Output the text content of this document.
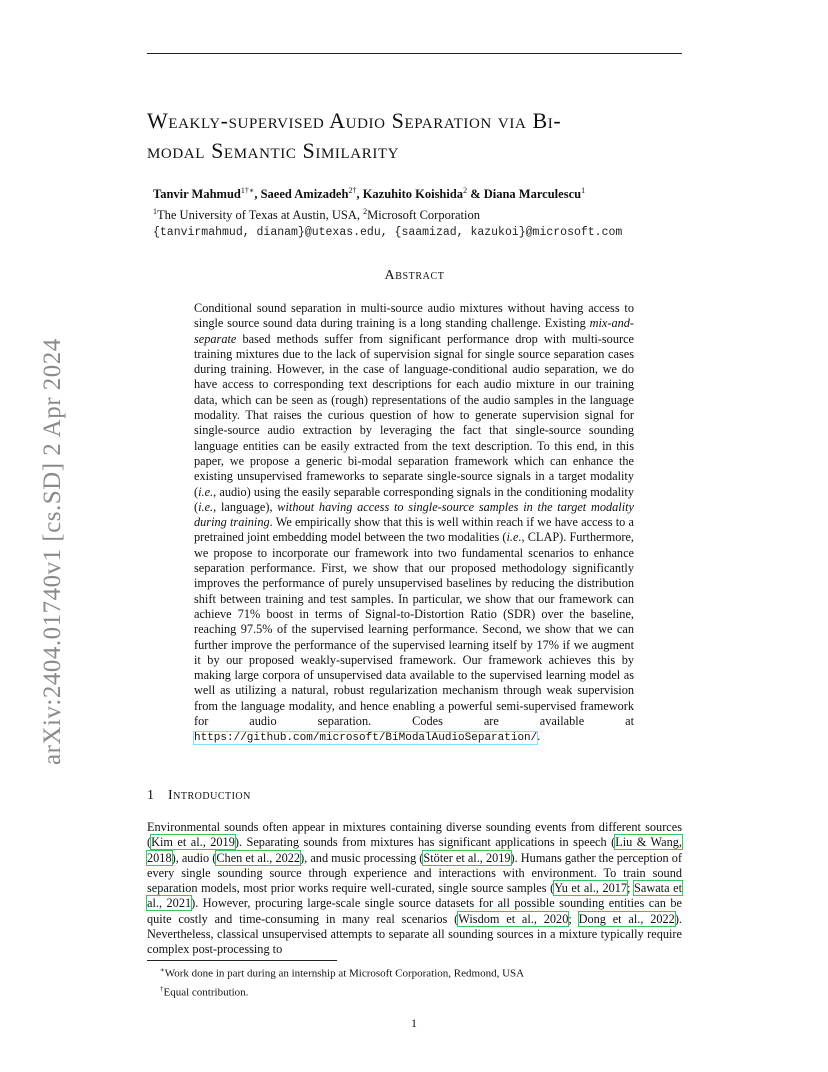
arXiv:2404.01740v1 [cs.SD] 2 Apr 2024
Weakly-supervised Audio Separation via Bi-
modal Semantic Similarity
Tanvir Mahmud$^{1\dagger∗}$, Saeed Amizadeh$^{2\dagger}$, Kazuhito Koishida$^2$ & Diana Marculescu$^1$
$^1$The University of Texas at Austin, USA, $^2$Microsoft Corporation
{tanvirmahmud, dianam}@utexas.edu, {saamizad, kazukoi}@microsoft.com
Abstract
Conditional sound separation in multi-source audio mixtures without having access to single source sound data during training is a long standing challenge. Existing mix-and-separate based methods suffer from significant performance drop with multi-source training mixtures due to the lack of supervision signal for single source separation cases during training. However, in the case of language-conditional audio separation, we do have access to corresponding text descriptions for each audio mixture in our training data, which can be seen as (rough) representations of the audio samples in the language modality. That raises the curious question of how to generate supervision signal for single-source audio extraction by leveraging the fact that single-source sounding language entities can be easily extracted from the text description. To this end, in this paper, we propose a generic bi-modal separation framework which can enhance the existing unsupervised frameworks to separate single-source signals in a target modality (i.e., audio) using the easily separable corresponding signals in the conditioning modality (i.e., language), without having access to single-source samples in the target modality during training. We empirically show that this is well within reach if we have access to a pretrained joint embedding model between the two modalities (i.e., CLAP). Furthermore, we propose to incorporate our framework into two fundamental scenarios to enhance separation performance. First, we show that our proposed methodology significantly improves the performance of purely unsupervised baselines by reducing the distribution shift between training and test samples. In particular, we show that our framework can achieve 71% boost in terms of Signal-to-Distortion Ratio (SDR) over the baseline, reaching 97.5% of the supervised learning performance. Second, we show that we can further improve the performance of the supervised learning itself by 17% if we augment it by our proposed weakly-supervised framework. Our framework achieves this by making large corpora of unsupervised data available to the supervised learning model as well as utilizing a natural, robust regularization mechanism through weak supervision from the language modality, and hence enabling a powerful semi-supervised framework for audio separation. Codes are available at https://github.com/microsoft/BiModalAudioSeparation/.
1 Introduction
Environmental sounds often appear in mixtures containing diverse sounding events from different sources (Kim et al., 2019). Separating sounds from mixtures has significant applications in speech (Liu & Wang, 2018), audio (Chen et al., 2022), and music processing (Stöter et al., 2019). Humans gather the perception of every single sounding source through experience and interactions with environment. To train sound separation models, most prior works require well-curated, single source samples (Yu et al., 2017; Sawata et al., 2021). However, procuring large-scale single source datasets for all possible sounding entities can be quite costly and time-consuming in many real scenarios (Wisdom et al., 2020; Dong et al., 2022). Nevertheless, classical unsupervised attempts to separate all sounding sources in a mixture typically require complex post-processing to
∗Work done in part during an internship at Microsoft Corporation, Redmond, USA
†Equal contribution.
1
